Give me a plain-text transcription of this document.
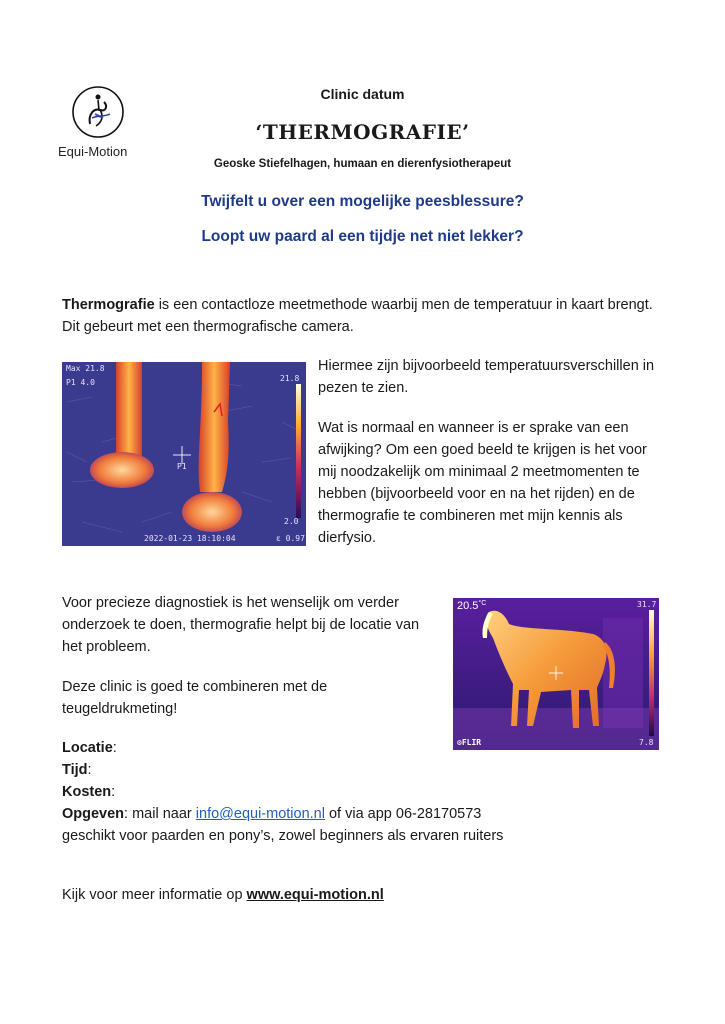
Equi-Motion
Clinic datum
‘THERMOGRAFIE’
Geoske Stiefelhagen, humaan en dierenfysiotherapeut
Twijfelt u over een mogelijke peesblessure?
Loopt uw paard al een tijdje net niet lekker?
Thermografie is een contactloze meetmethode waarbij men de temperatuur in kaart brengt. Dit gebeurt met een thermografische camera.
Max 21.8
P1 4.0	21.8
2.0
P1
2022-01-23 18:10:04	ε 0.97
Hiermee zijn bijvoorbeeld temperatuursverschillen in pezen te zien.
Wat is normaal en wanneer is er sprake van een afwijking? Om een goed beeld te krijgen is het voor mij noodzakelijk om minimaal 2 meetmomenten te hebben (bijvoorbeeld voor en na het rijden) en de thermografie te combineren met mijn kennis als dierfysio.
Voor precieze diagnostiek is het wenselijk om verder onderzoek te doen, thermografie helpt bij de locatie van het probleem.
Deze clinic is goed te combineren met de teugeldrukmeting!
$20.5^{^\circ C}$	31.7
7.8
⚙FLIR
Locatie:
Tijd:
Kosten:
Opgeven: mail naar info@equi-motion.nl of via app 06-28170573
geschikt voor paarden en pony’s, zowel beginners als ervaren ruiters
Kijk voor meer informatie op www.equi-motion.nl
